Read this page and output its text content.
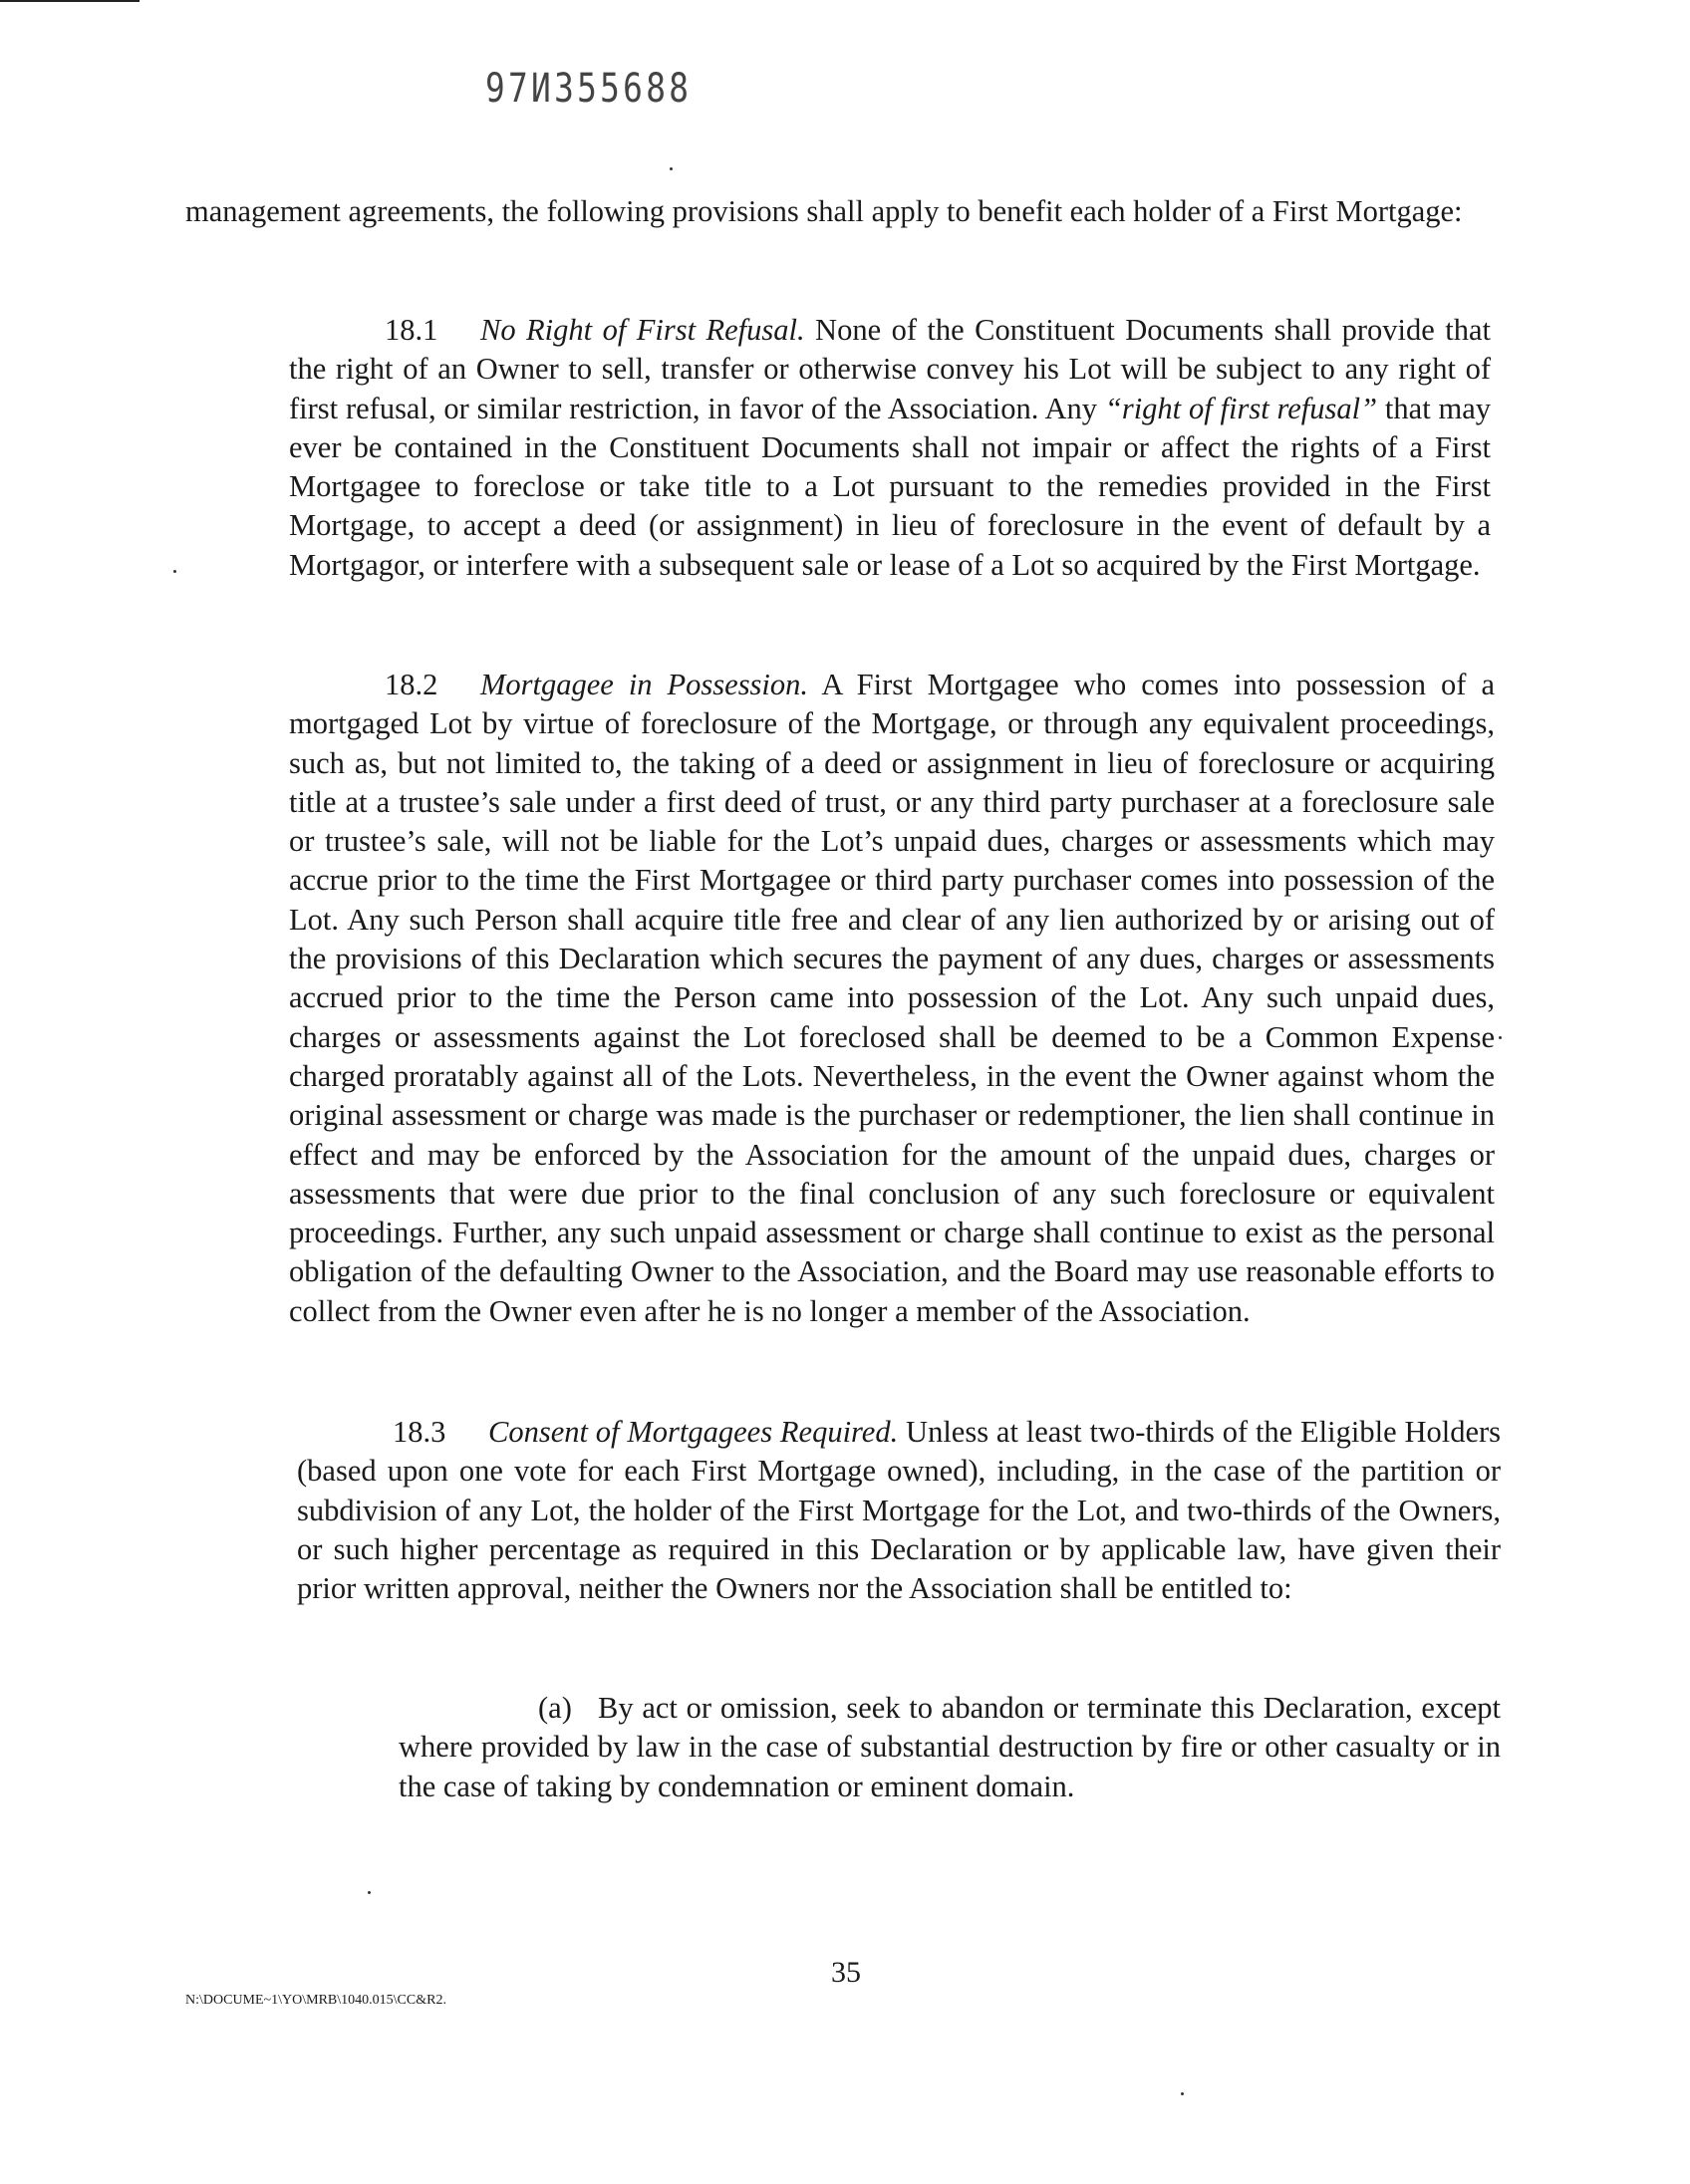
97И355688

management agreements, the following provisions shall apply to benefit each holder of a First Mortgage:

18.1 No Right of First Refusal. None of the Constituent Documents shall provide that the right of an Owner to sell, transfer or otherwise convey his Lot will be subject to any right of first refusal, or similar restriction, in favor of the Association. Any “right of first refusal” that may ever be contained in the Constituent Documents shall not impair or affect the rights of a First Mortgagee to foreclose or take title to a Lot pursuant to the remedies provided in the First Mortgage, to accept a deed (or assignment) in lieu of foreclosure in the event of default by a Mortgagor, or interfere with a subsequent sale or lease of a Lot so acquired by the First Mortgage.

18.2 Mortgagee in Possession. A First Mortgagee who comes into possession of a mortgaged Lot by virtue of foreclosure of the Mortgage, or through any equivalent proceedings, such as, but not limited to, the taking of a deed or assignment in lieu of foreclosure or acquiring title at a trustee’s sale under a first deed of trust, or any third party purchaser at a foreclosure sale or trustee’s sale, will not be liable for the Lot’s unpaid dues, charges or assessments which may accrue prior to the time the First Mortgagee or third party purchaser comes into possession of the Lot. Any such Person shall acquire title free and clear of any lien authorized by or arising out of the provisions of this Declaration which secures the payment of any dues, charges or assessments accrued prior to the time the Person came into possession of the Lot. Any such unpaid dues, charges or assessments against the Lot foreclosed shall be deemed to be a Common Expense charged proratably against all of the Lots. Nevertheless, in the event the Owner against whom the original assessment or charge was made is the purchaser or redemptioner, the lien shall continue in effect and may be enforced by the Association for the amount of the unpaid dues, charges or assessments that were due prior to the final conclusion of any such foreclosure or equivalent proceedings. Further, any such unpaid assessment or charge shall continue to exist as the personal obligation of the defaulting Owner to the Association, and the Board may use reasonable efforts to collect from the Owner even after he is no longer a member of the Association.

18.3 Consent of Mortgagees Required. Unless at least two-thirds of the Eligible Holders (based upon one vote for each First Mortgage owned), including, in the case of the partition or subdivision of any Lot, the holder of the First Mortgage for the Lot, and two-thirds of the Owners, or such higher percentage as required in this Declaration or by applicable law, have given their prior written approval, neither the Owners nor the Association shall be entitled to:

(a) By act or omission, seek to abandon or terminate this Declaration, except where provided by law in the case of substantial destruction by fire or other casualty or in the case of taking by condemnation or eminent domain.

N:\DOCUME~1\YO\MRB\1040.015\CC&R2.
35
